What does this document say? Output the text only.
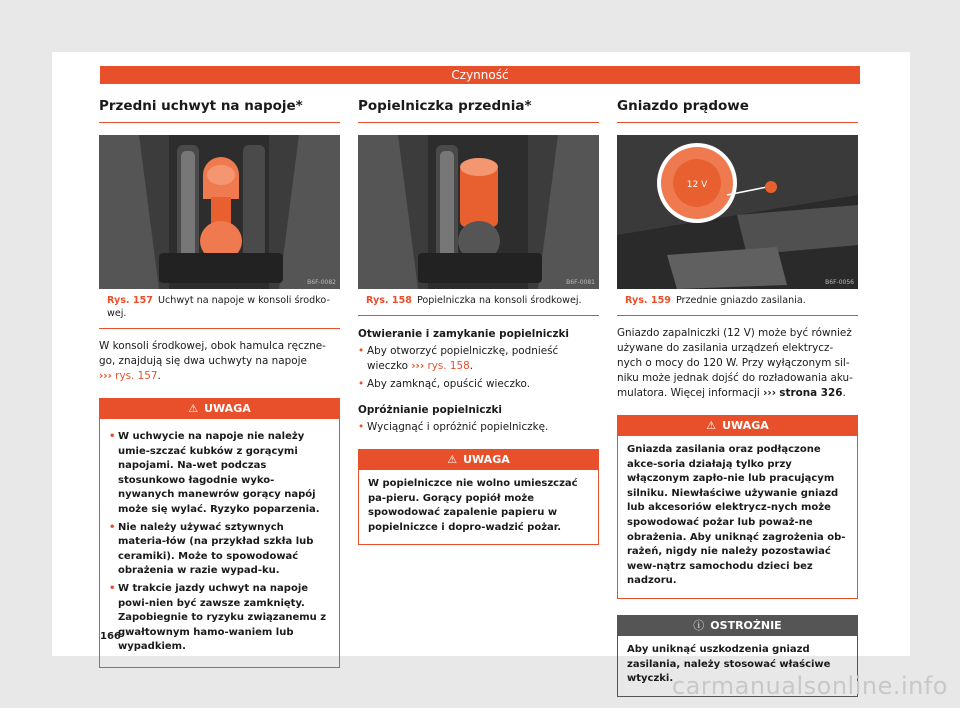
Czynność
Przedni uchwyt na napoje*
B6F-0082
Rys. 157 Uchwyt na napoje w konsoli środko-wej.

W konsoli środkowej, obok hamulca ręczne-go, znajdują się dwa uchwyty na napoje
››› rys. 157.

⚠ UWAGA
• W uchwycie na napoje nie należy umie-szczać kubków z gorącymi napojami. Na-wet podczas stosunkowo łagodnie wyko-nywanych manewrów gorący napój może się wylać. Ryzyko poparzenia.
• Nie należy używać sztywnych materia-łów (na przykład szkła lub ceramiki). Może to spowodować obrażenia w razie wypad-ku.
• W trakcie jazdy uchwyt na napoje powi-nien być zawsze zamknięty. Zapobiegnie to ryzyku związanemu z gwałtownym hamo-waniem lub wypadkiem.
Popielniczka przednia*
B6F-0081
Rys. 158 Popielniczka na konsoli środkowej.
Otwieranie i zamykanie popielniczki
• Aby otworzyć popielniczkę, podnieść wieczko ››› rys. 158.
• Aby zamknąć, opuścić wieczko.
Opróżnianie popielniczki
• Wyciągnąć i opróżnić popielniczkę.
⚠ UWAGA
W popielniczce nie wolno umieszczać pa-pieru. Gorący popiół może spowodować zapalenie papieru w popielniczce i dopro-wadzić pożar.
Gniazdo prądowe
12 V
B6F-0056
Rys. 159 Przednie gniazdo zasilania.

Gniazdo zapalniczki (12 V) może być również używane do zasilania urządzeń elektrycz-nych o mocy do 120 W. Przy wyłączonym sil-niku może jednak dojść do rozładowania aku-mulatora. Więcej informacji ››› strona 326.

⚠ UWAGA
Gniazda zasilania oraz podłączone akce-soria działają tylko przy włączonym zapło-nie lub pracującym silniku. Niewłaściwe używanie gniazd lub akcesoriów elektrycz-nych może spowodować pożar lub poważ-ne obrażenia. Aby uniknąć zagrożenia ob-rażeń, nigdy nie należy pozostawiać wew-nątrz samochodu dzieci bez nadzoru.
ⓘ OSTROŻNIE
Aby uniknąć uszkodzenia gniazd zasilania, należy stosować właściwe wtyczki.
166
carmanualsonline.info
